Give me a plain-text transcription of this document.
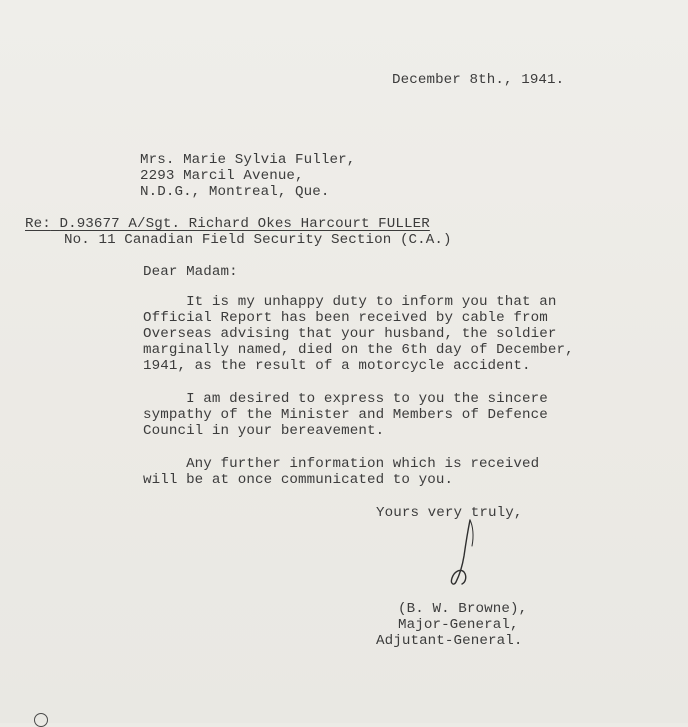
December 8th., 1941.
Mrs. Marie Sylvia Fuller,
2293 Marcil Avenue,
N.D.G., Montreal, Que.
Re: D.93677 A/Sgt. Richard Okes Harcourt FULLER
No. 11 Canadian Field Security Section (C.A.)
Dear Madam:
It is my unhappy duty to inform you that an
Official Report has been received by cable from
Overseas advising that your husband, the soldier
marginally named, died on the 6th day of December,
1941, as the result of a motorcycle accident.
I am desired to express to you the sincere
sympathy of the Minister and Members of Defence
Council in your bereavement.
Any further information which is received
will be at once communicated to you.
Yours very truly,
(B. W. Browne),
Major-General,
Adjutant-General.
